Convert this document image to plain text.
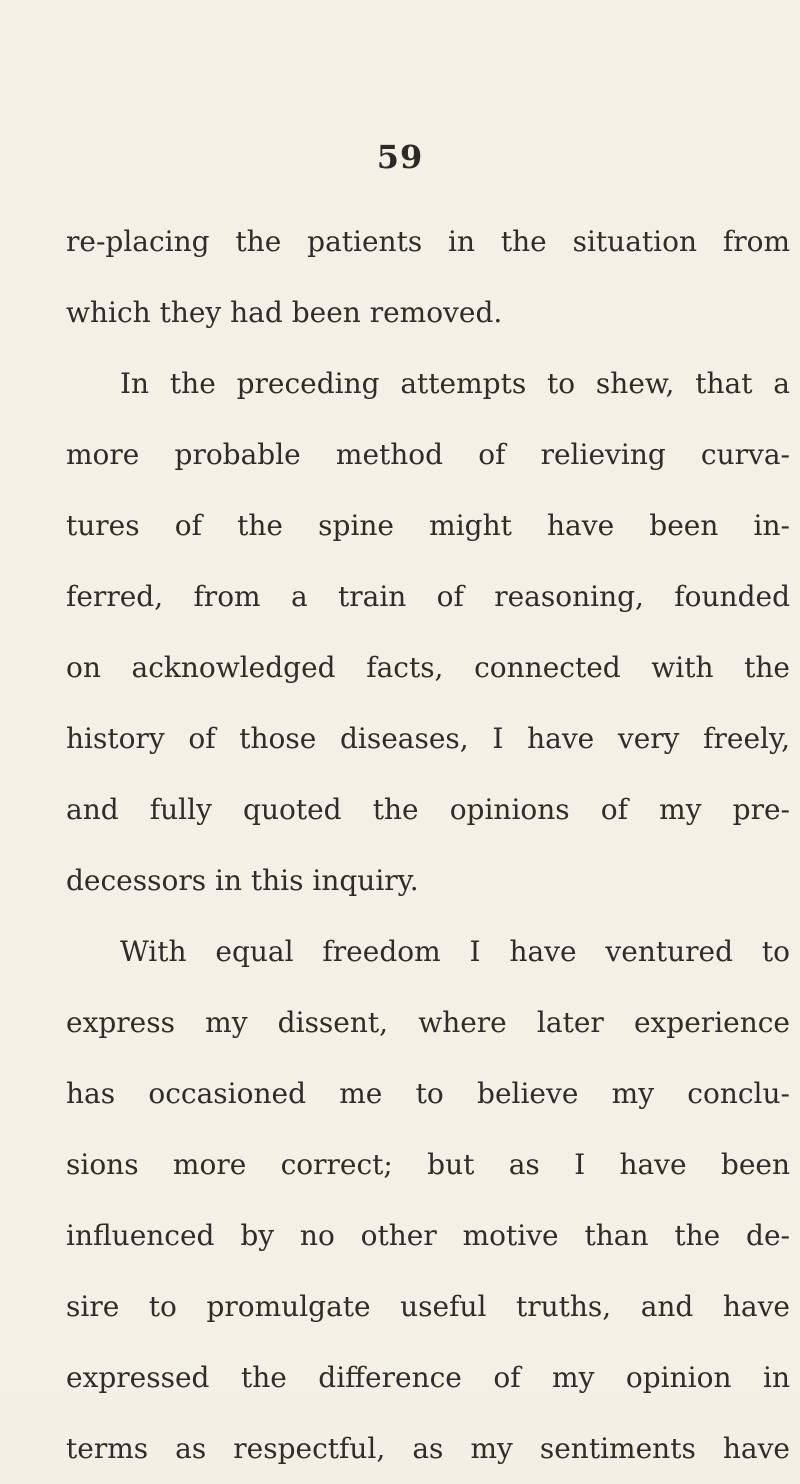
59
re-placing the patients in the situation from
which they had been removed.
In the preceding attempts to shew, that a
more probable method of relieving curva-
tures of the spine might have been in-
ferred, from a train of reasoning, founded
on acknowledged facts, connected with the
history of those diseases, I have very freely,
and fully quoted the opinions of my pre-
decessors in this inquiry.
With equal freedom I have ventured to
express my dissent, where later experience
has occasioned me to believe my conclu-
sions more correct; but as I have been
influenced by no other motive than the de-
sire to promulgate useful truths, and have
expressed the difference of my opinion in
terms as respectful, as my sentiments have
